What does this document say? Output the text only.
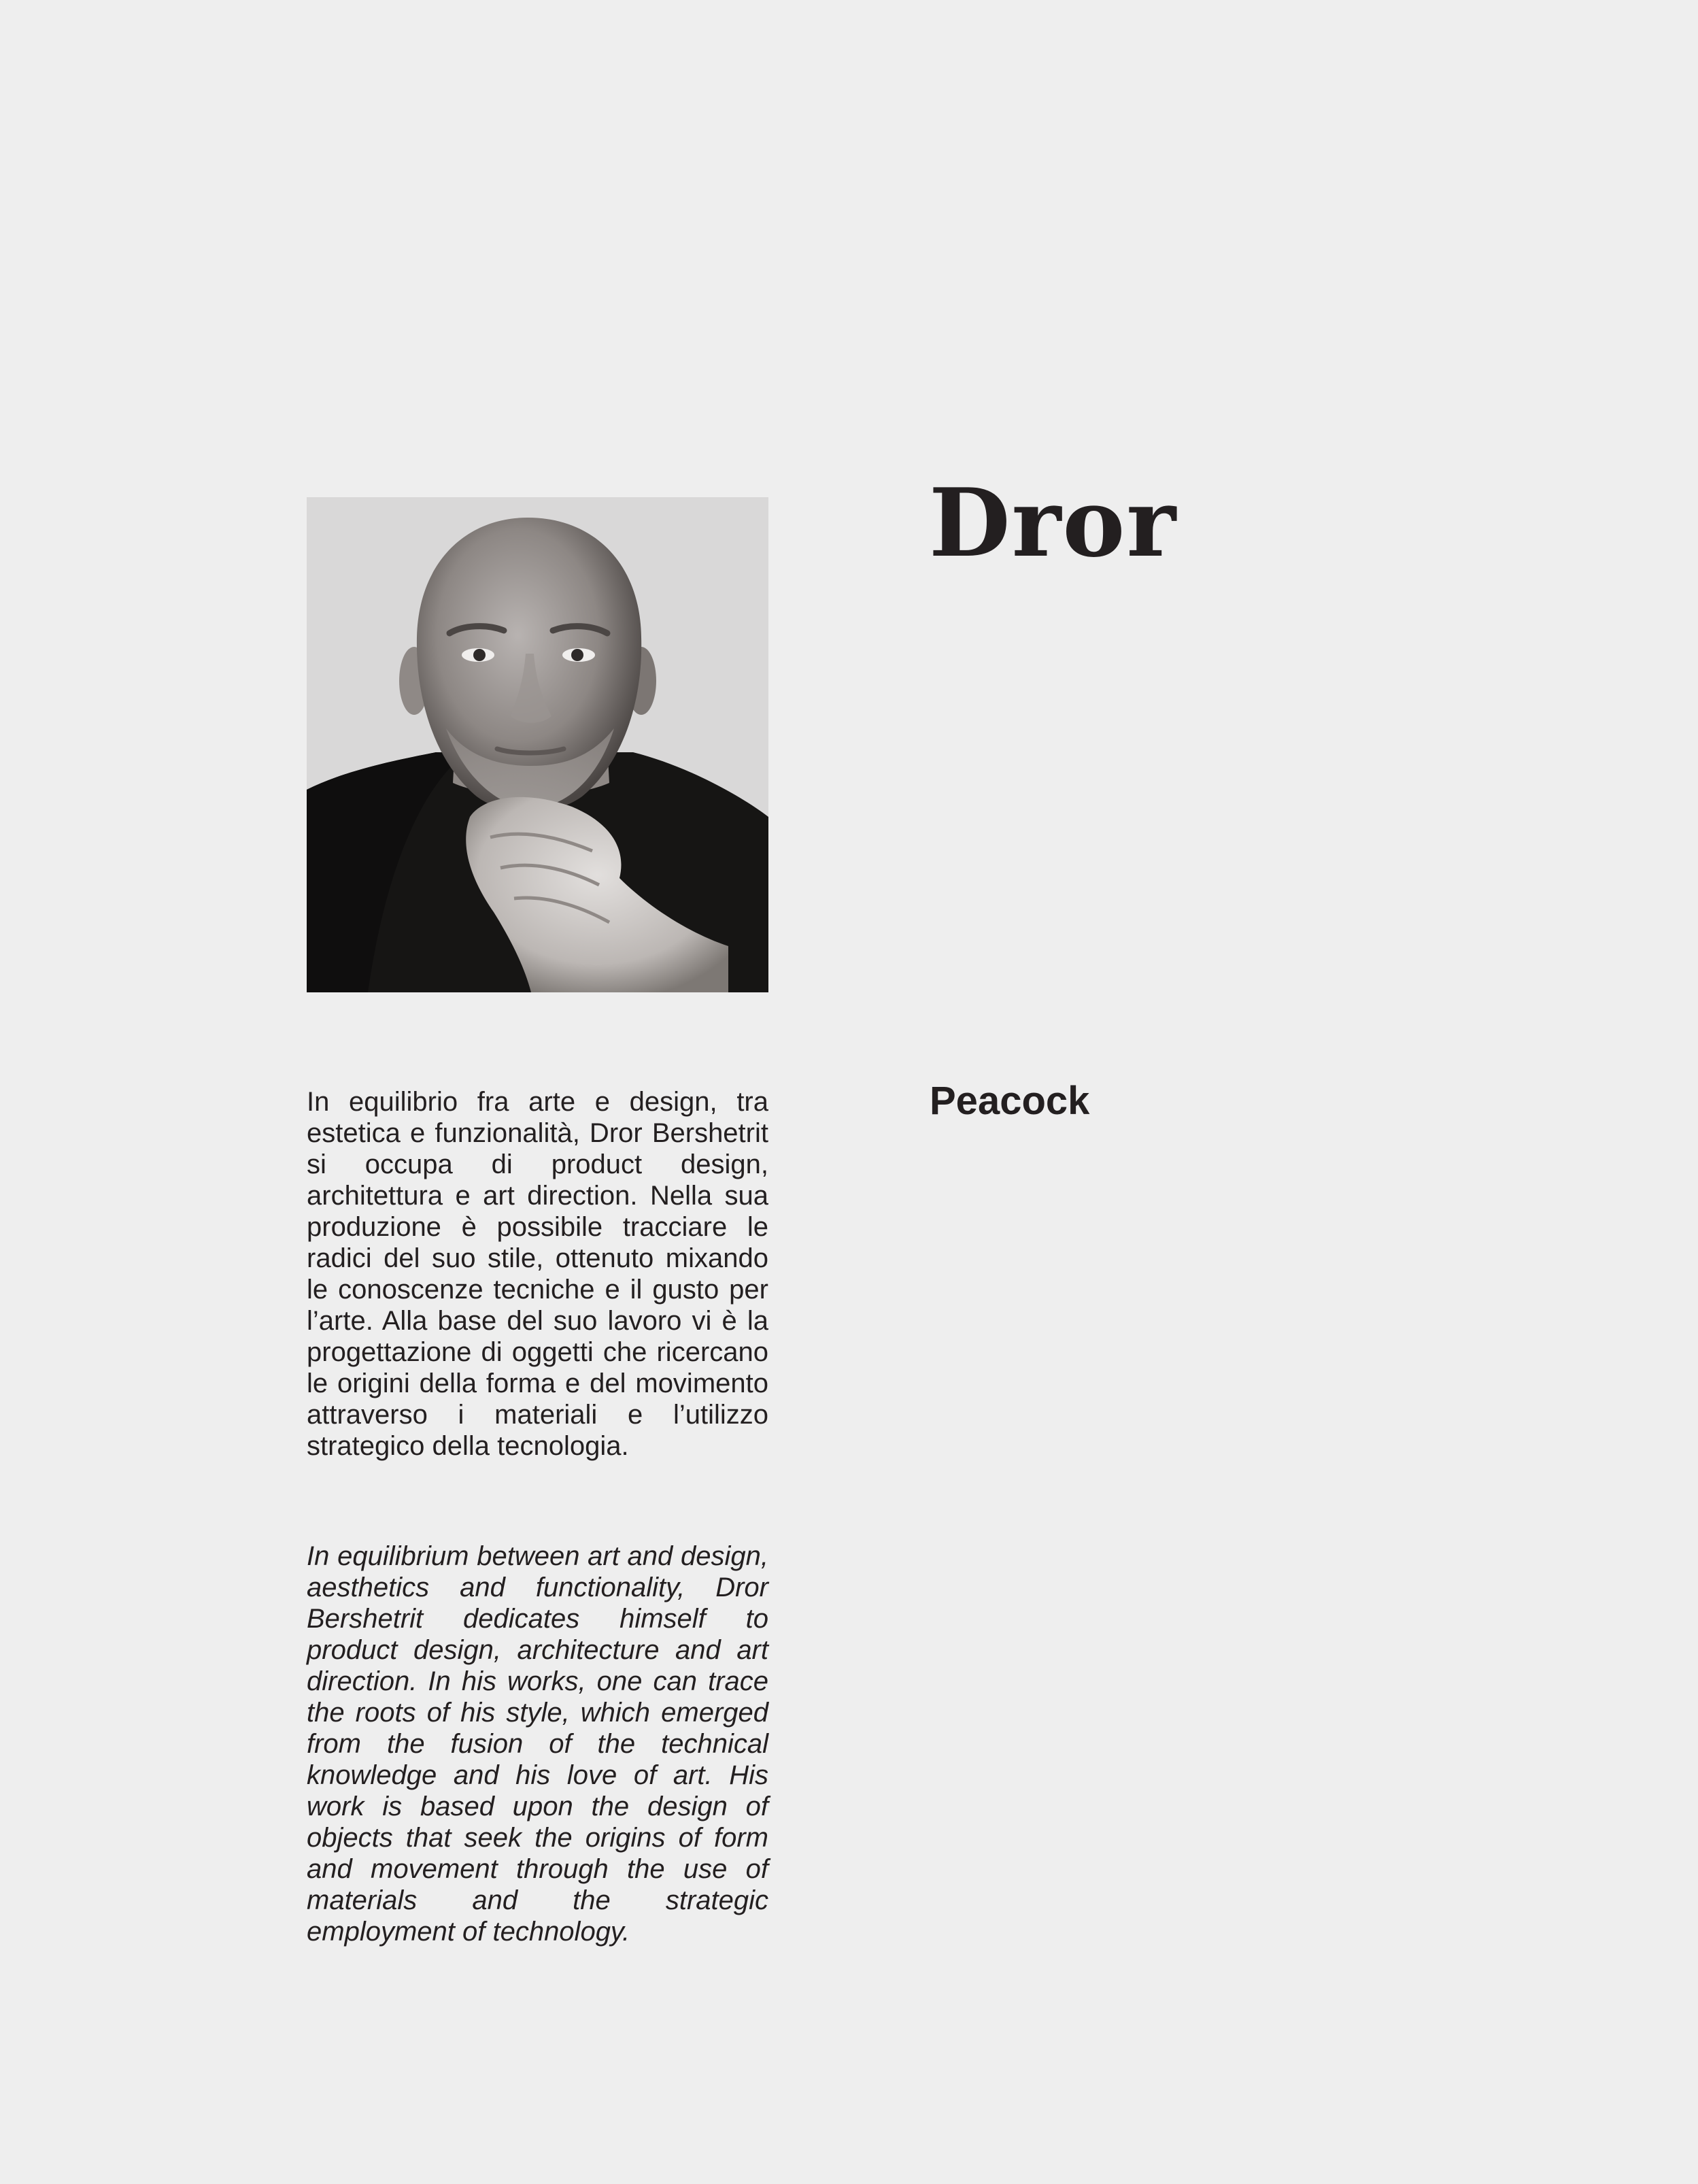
Dror
Peacock

In equilibrio fra arte e design, tra estetica e funzionalità, Dror Bershetrit si occupa di product design, architettura e art direction. Nella sua produzione è possibile tracciare le radici del suo stile, ottenuto mixando le conoscenze tecniche e il gusto per l’arte. Alla base del suo lavoro vi è la progettazione di oggetti che ricercano le origini della forma e del movimento attraverso i materiali e l’utilizzo strategico della tecnologia.

In equilibrium between art and design, aesthetics and functionality, Dror Bershetrit dedicates himself to product design, architecture and art direction. In his works, one can trace the roots of his style, which emerged from the fusion of the technical knowledge and his love of art. His work is based upon the design of objects that seek the origins of form and movement through the use of materials and the strategic employment of technology.
